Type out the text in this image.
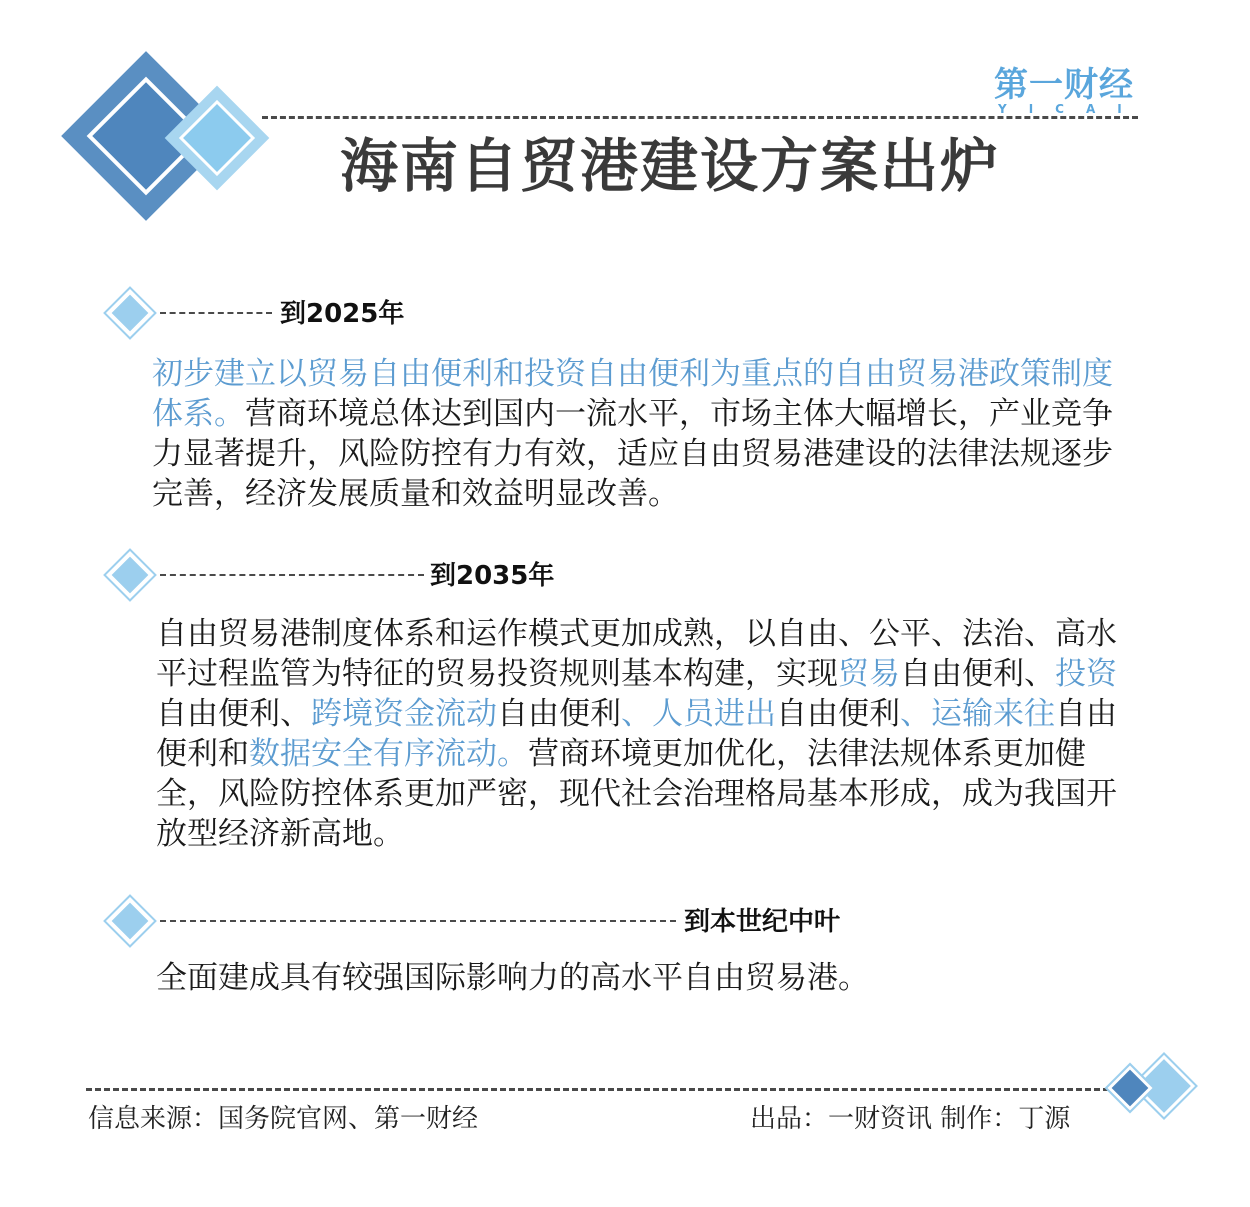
第一财经
YICAI
海南自贸港建设方案出炉
到2025年
初步建立以贸易自由便利和投资自由便利为重点的自由贸易港政策制度体系。营商环境总体达到国内一流水平，市场主体大幅增长，产业竞争力显著提升，风险防控有力有效，适应自由贸易港建设的法律法规逐步完善，经济发展质量和效益明显改善。
到2035年
自由贸易港制度体系和运作模式更加成熟，以自由、公平、法治、高水平过程监管为特征的贸易投资规则基本构建，实现贸易自由便利、投资自由便利、跨境资金流动自由便利、人员进出自由便利、运输来往自由便利和数据安全有序流动。营商环境更加优化，法律法规体系更加健全，风险防控体系更加严密，现代社会治理格局基本形成，成为我国开放型经济新高地。
到本世纪中叶
全面建成具有较强国际影响力的高水平自由贸易港。
信息来源：国务院官网、第一财经	出品：一财资讯 制作：丁源
